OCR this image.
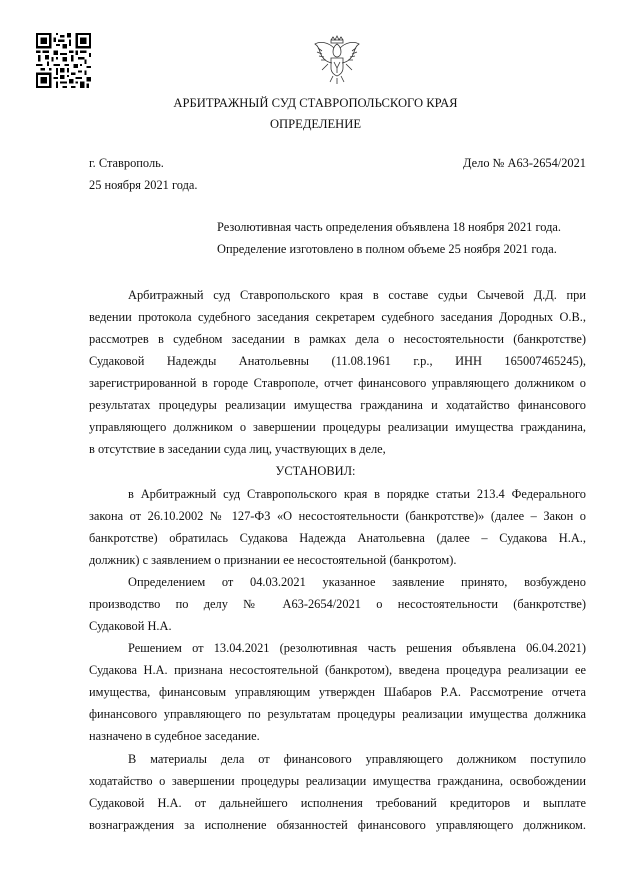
АРБИТРАЖНЫЙ СУД СТАВРОПОЛЬСКОГО КРАЯ
ОПРЕДЕЛЕНИЕ
г. Ставрополь.	Дело № А63-2654/2021
25 ноября 2021 года.
Резолютивная часть определения объявлена 18 ноября 2021 года.
Определение изготовлено в полном объеме 25 ноября 2021 года.
Арбитражный суд Ставропольского края в составе судьи Сычевой Д.Д. при
ведении протокола судебного заседания секретарем судебного заседания Дородных О.В.,
рассмотрев в судебном заседании в рамках дела о несостоятельности (банкротстве)
Судаковой Надежды Анатольевны (11.08.1961 г.р., ИНН 165007465245),
зарегистрированной в городе Ставрополе, отчет финансового управляющего должником о
результатах процедуры реализации имущества гражданина и ходатайство финансового
управляющего должником о завершении процедуры реализации имущества гражданина,
в отсутствие в заседании суда лиц, участвующих в деле,
УСТАНОВИЛ:
в Арбитражный суд Ставропольского края в порядке статьи 213.4 Федерального
закона от 26.10.2002 № 127-ФЗ «О несостоятельности (банкротстве)» (далее – Закон о
банкротстве) обратилась Судакова Надежда Анатольевна (далее – Судакова Н.А.,
должник) с заявлением о признании ее несостоятельной (банкротом).
Определением от 04.03.2021 указанное заявление принято, возбуждено
производство по делу № А63-2654/2021 о несостоятельности (банкротстве)
Судаковой Н.А.
Решением от 13.04.2021 (резолютивная часть решения объявлена 06.04.2021)
Судакова Н.А. признана несостоятельной (банкротом), введена процедура реализации ее
имущества, финансовым управляющим утвержден Шабаров Р.А. Рассмотрение отчета
финансового управляющего по результатам процедуры реализации имущества должника
назначено в судебное заседание.
В материалы дела от финансового управляющего должником поступило
ходатайство о завершении процедуры реализации имущества гражданина, освобождении
Судаковой Н.А. от дальнейшего исполнения требований кредиторов и выплате
вознаграждения за исполнение обязанностей финансового управляющего должником.
